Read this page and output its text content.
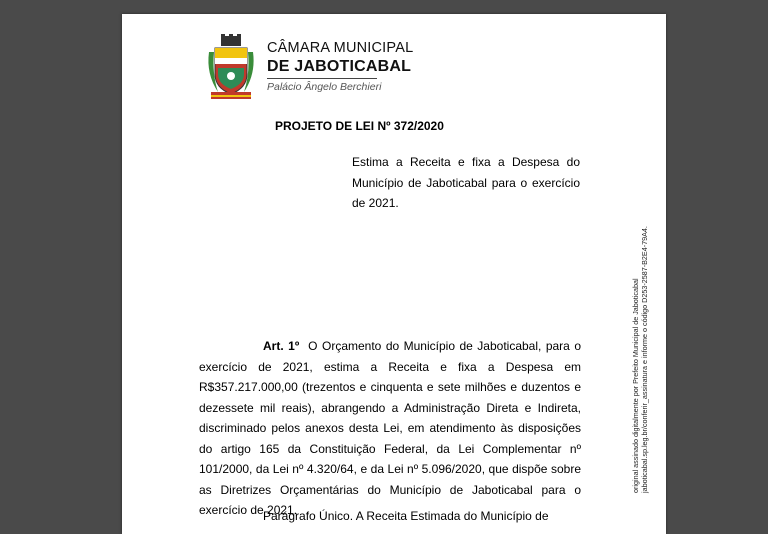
CÂMARA MUNICIPAL
DE JABOTICABAL
Palácio Ângelo Berchieri
PROJETO DE LEI Nº 372/2020
Estima a Receita e fixa a Despesa do Município de Jaboticabal para o exercício de 2021.
Art. 1º O Orçamento do Município de Jaboticabal, para o exercício de 2021, estima a Receita e fixa a Despesa em R$357.217.000,00 (trezentos e cinquenta e sete milhões e duzentos e dezessete mil reais), abrangendo a Administração Direta e Indireta, discriminado pelos anexos desta Lei, em atendimento às disposições do artigo 165 da Constituição Federal, da Lei Complementar nº 101/2000, da Lei nº 4.320/64, e da Lei nº 5.096/2020, que dispõe sobre as Diretrizes Orçamentárias do Município de Jaboticabal para o exercício de 2021.
Parágrafo Único. A Receita Estimada do Município de
original assinado digitalmente por Prefeito Municipal de Jaboticabal jaboticabal.sp.leg.br/conferir_assinatura e informe o código D253-2587-B2E4-79A4.
